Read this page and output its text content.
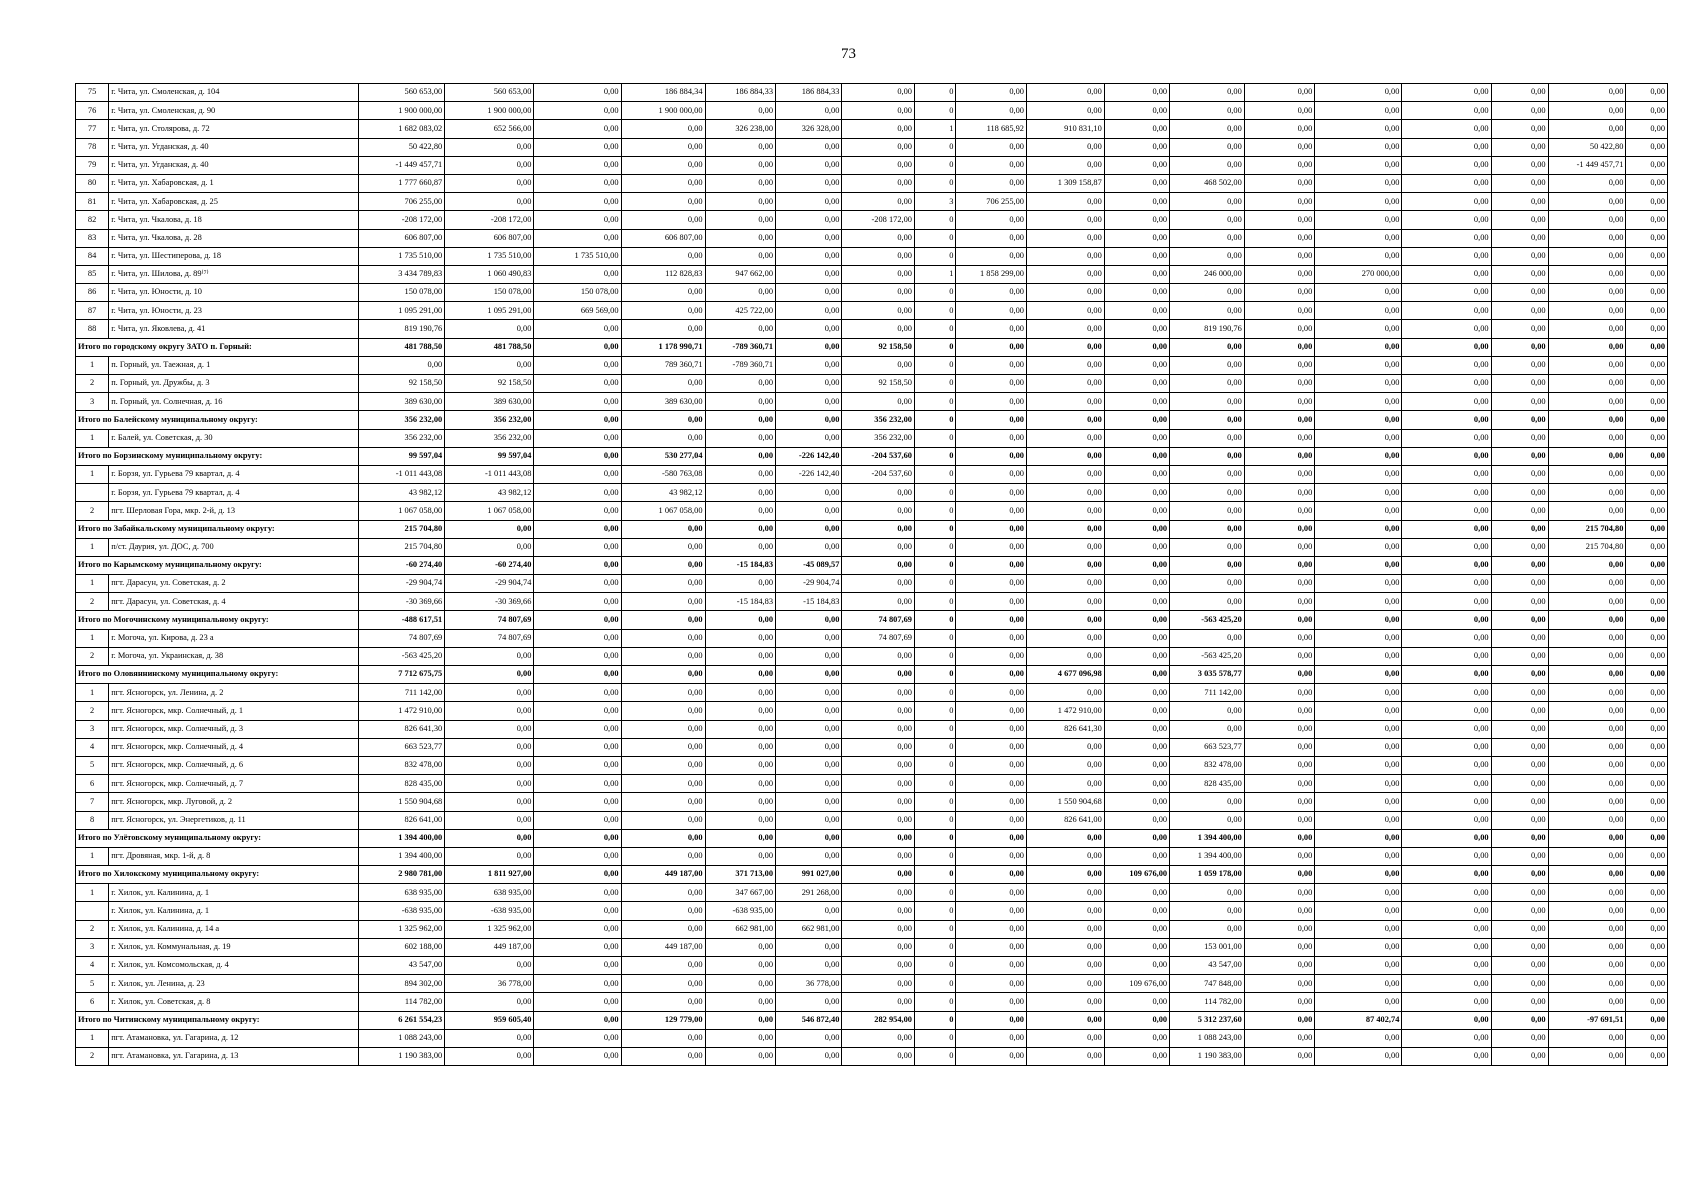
73
75	г. Чита, ул. Смоленская, д. 104	560 653,00	560 653,00	0,00	186 884,34	186 884,33	186 884,33	0,00	0	0,00	0,00	0,00	0,00	0,00	0,00	0,00	0,00	0,00	0,00
76	г. Чита, ул. Смоленская, д. 90	1 900 000,00	1 900 000,00	0,00	1 900 000,00	0,00	0,00	0,00	0	0,00	0,00	0,00	0,00	0,00	0,00	0,00	0,00	0,00	0,00
77	г. Чита, ул. Столярова, д. 72	1 682 083,02	652 566,00	0,00	0,00	326 238,00	326 328,00	0,00	1	118 685,92	910 831,10	0,00	0,00	0,00	0,00	0,00	0,00	0,00	0,00
78	г. Чита, ул. Угданская, д. 40	50 422,80	0,00	0,00	0,00	0,00	0,00	0,00	0	0,00	0,00	0,00	0,00	0,00	0,00	0,00	0,00	50 422,80	0,00
79	г. Чита, ул. Угданская, д. 40	-1 449 457,71	0,00	0,00	0,00	0,00	0,00	0,00	0	0,00	0,00	0,00	0,00	0,00	0,00	0,00	0,00	-1 449 457,71	0,00
80	г. Чита, ул. Хабаровская, д. 1	1 777 660,87	0,00	0,00	0,00	0,00	0,00	0,00	0	0,00	1 309 158,87	0,00	468 502,00	0,00	0,00	0,00	0,00	0,00	0,00
81	г. Чита, ул. Хабаровская, д. 25	706 255,00	0,00	0,00	0,00	0,00	0,00	0,00	3	706 255,00	0,00	0,00	0,00	0,00	0,00	0,00	0,00	0,00	0,00
82	г. Чита, ул. Чкалова, д. 18	-208 172,00	-208 172,00	0,00	0,00	0,00	0,00	-208 172,00	0	0,00	0,00	0,00	0,00	0,00	0,00	0,00	0,00	0,00	0,00
83	г. Чита, ул. Чкалова, д. 28	606 807,00	606 807,00	0,00	606 807,00	0,00	0,00	0,00	0	0,00	0,00	0,00	0,00	0,00	0,00	0,00	0,00	0,00	0,00
84	г. Чита, ул. Шестиперова, д. 18	1 735 510,00	1 735 510,00	1 735 510,00	0,00	0,00	0,00	0,00	0	0,00	0,00	0,00	0,00	0,00	0,00	0,00	0,00	0,00	0,00
85	г. Чита, ул. Шилова, д. 89⁽⁷⁾	3 434 789,83	1 060 490,83	0,00	112 828,83	947 662,00	0,00	0,00	1	1 858 299,00	0,00	0,00	246 000,00	0,00	270 000,00	0,00	0,00	0,00	0,00
86	г. Чита, ул. Юности, д. 10	150 078,00	150 078,00	150 078,00	0,00	0,00	0,00	0,00	0	0,00	0,00	0,00	0,00	0,00	0,00	0,00	0,00	0,00	0,00
87	г. Чита, ул. Юности, д. 23	1 095 291,00	1 095 291,00	669 569,00	0,00	425 722,00	0,00	0,00	0	0,00	0,00	0,00	0,00	0,00	0,00	0,00	0,00	0,00	0,00
88	г. Чита, ул. Яковлева, д. 41	819 190,76	0,00	0,00	0,00	0,00	0,00	0,00	0	0,00	0,00	0,00	819 190,76	0,00	0,00	0,00	0,00	0,00	0,00
Итого по городскому округу ЗАТО п. Горный:		481 788,50	481 788,50	0,00	1 178 990,71	-789 360,71	0,00	92 158,50	0	0,00	0,00	0,00	0,00	0,00	0,00	0,00	0,00	0,00	0,00
1	п. Горный, ул. Таежная, д. 1	0,00	0,00	0,00	789 360,71	-789 360,71	0,00	0,00	0	0,00	0,00	0,00	0,00	0,00	0,00	0,00	0,00	0,00	0,00
2	п. Горный, ул. Дружбы, д. 3	92 158,50	92 158,50	0,00	0,00	0,00	0,00	92 158,50	0	0,00	0,00	0,00	0,00	0,00	0,00	0,00	0,00	0,00	0,00
3	п. Горный, ул. Солнечная, д. 16	389 630,00	389 630,00	0,00	389 630,00	0,00	0,00	0,00	0	0,00	0,00	0,00	0,00	0,00	0,00	0,00	0,00	0,00	0,00
Итого по Балейскому муниципальному округу:		356 232,00	356 232,00	0,00	0,00	0,00	0,00	356 232,00	0	0,00	0,00	0,00	0,00	0,00	0,00	0,00	0,00	0,00	0,00
1	г. Балей, ул. Советская, д. 30	356 232,00	356 232,00	0,00	0,00	0,00	0,00	356 232,00	0	0,00	0,00	0,00	0,00	0,00	0,00	0,00	0,00	0,00	0,00
Итого по Борзинскому муниципальному округу:		99 597,04	99 597,04	0,00	530 277,04	0,00	-226 142,40	-204 537,60	0	0,00	0,00	0,00	0,00	0,00	0,00	0,00	0,00	0,00	0,00
1	г. Борзя, ул. Гурьева 79 квартал, д. 4	-1 011 443,08	-1 011 443,08	0,00	-580 763,08	0,00	-226 142,40	-204 537,60	0	0,00	0,00	0,00	0,00	0,00	0,00	0,00	0,00	0,00	0,00
	г. Борзя, ул. Гурьева 79 квартал, д. 4	43 982,12	43 982,12	0,00	43 982,12	0,00	0,00	0,00	0	0,00	0,00	0,00	0,00	0,00	0,00	0,00	0,00	0,00	0,00
2	пгт. Шерловая Гора, мкр. 2-й, д. 13	1 067 058,00	1 067 058,00	0,00	1 067 058,00	0,00	0,00	0,00	0	0,00	0,00	0,00	0,00	0,00	0,00	0,00	0,00	0,00	0,00
Итого по Забайкальскому муниципальному округу:		215 704,80	0,00	0,00	0,00	0,00	0,00	0,00	0	0,00	0,00	0,00	0,00	0,00	0,00	0,00	0,00	215 704,80	0,00
1	п/ст. Даурия, ул. ДОС, д. 700	215 704,80	0,00	0,00	0,00	0,00	0,00	0,00	0	0,00	0,00	0,00	0,00	0,00	0,00	0,00	0,00	215 704,80	0,00
Итого по Карымскому муниципальному округу:		-60 274,40	-60 274,40	0,00	0,00	-15 184,83	-45 089,57	0,00	0	0,00	0,00	0,00	0,00	0,00	0,00	0,00	0,00	0,00	0,00
1	пгт. Дарасун, ул. Советская, д. 2	-29 904,74	-29 904,74	0,00	0,00	0,00	-29 904,74	0,00	0	0,00	0,00	0,00	0,00	0,00	0,00	0,00	0,00	0,00	0,00
2	пгт. Дарасун, ул. Советская, д. 4	-30 369,66	-30 369,66	0,00	0,00	-15 184,83	-15 184,83	0,00	0	0,00	0,00	0,00	0,00	0,00	0,00	0,00	0,00	0,00	0,00
Итого по Могочинскому муниципальному округу:		-488 617,51	74 807,69	0,00	0,00	0,00	0,00	74 807,69	0	0,00	0,00	0,00	-563 425,20	0,00	0,00	0,00	0,00	0,00	0,00
1	г. Могоча, ул. Кирова, д. 23 а	74 807,69	74 807,69	0,00	0,00	0,00	0,00	74 807,69	0	0,00	0,00	0,00	0,00	0,00	0,00	0,00	0,00	0,00	0,00
2	г. Могоча, ул. Украинская, д. 38	-563 425,20	0,00	0,00	0,00	0,00	0,00	0,00	0	0,00	0,00	0,00	-563 425,20	0,00	0,00	0,00	0,00	0,00	0,00
Итого по Оловяннинскому муниципальному округу:		7 712 675,75	0,00	0,00	0,00	0,00	0,00	0,00	0	0,00	4 677 096,98	0,00	3 035 578,77	0,00	0,00	0,00	0,00	0,00	0,00
1	пгт. Ясногорск, ул. Ленина, д. 2	711 142,00	0,00	0,00	0,00	0,00	0,00	0,00	0	0,00	0,00	0,00	711 142,00	0,00	0,00	0,00	0,00	0,00	0,00
2	пгт. Ясногорск, мкр. Солнечный, д. 1	1 472 910,00	0,00	0,00	0,00	0,00	0,00	0,00	0	0,00	1 472 910,00	0,00	0,00	0,00	0,00	0,00	0,00	0,00	0,00
3	пгт. Ясногорск, мкр. Солнечный, д. 3	826 641,30	0,00	0,00	0,00	0,00	0,00	0,00	0	0,00	826 641,30	0,00	0,00	0,00	0,00	0,00	0,00	0,00	0,00
4	пгт. Ясногорск, мкр. Солнечный, д. 4	663 523,77	0,00	0,00	0,00	0,00	0,00	0,00	0	0,00	0,00	0,00	663 523,77	0,00	0,00	0,00	0,00	0,00	0,00
5	пгт. Ясногорск, мкр. Солнечный, д. 6	832 478,00	0,00	0,00	0,00	0,00	0,00	0,00	0	0,00	0,00	0,00	832 478,00	0,00	0,00	0,00	0,00	0,00	0,00
6	пгт. Ясногорск, мкр. Солнечный, д. 7	828 435,00	0,00	0,00	0,00	0,00	0,00	0,00	0	0,00	0,00	0,00	828 435,00	0,00	0,00	0,00	0,00	0,00	0,00
7	пгт. Ясногорск, мкр. Луговой, д. 2	1 550 904,68	0,00	0,00	0,00	0,00	0,00	0,00	0	0,00	1 550 904,68	0,00	0,00	0,00	0,00	0,00	0,00	0,00	0,00
8	пгт. Ясногорск, ул. Энергетиков, д. 11	826 641,00	0,00	0,00	0,00	0,00	0,00	0,00	0	0,00	826 641,00	0,00	0,00	0,00	0,00	0,00	0,00	0,00	0,00
Итого по Улётовскому муниципальному округу:		1 394 400,00	0,00	0,00	0,00	0,00	0,00	0,00	0	0,00	0,00	0,00	1 394 400,00	0,00	0,00	0,00	0,00	0,00	0,00
1	пгт. Дровяная, мкр. 1-й, д. 8	1 394 400,00	0,00	0,00	0,00	0,00	0,00	0,00	0	0,00	0,00	0,00	1 394 400,00	0,00	0,00	0,00	0,00	0,00	0,00
Итого по Хилокскому муниципальному округу:		2 980 781,00	1 811 927,00	0,00	449 187,00	371 713,00	991 027,00	0,00	0	0,00	0,00	109 676,00	1 059 178,00	0,00	0,00	0,00	0,00	0,00	0,00
1	г. Хилок, ул. Калинина, д. 1	638 935,00	638 935,00	0,00	0,00	347 667,00	291 268,00	0,00	0	0,00	0,00	0,00	0,00	0,00	0,00	0,00	0,00	0,00	0,00
	г. Хилок, ул. Калинина, д. 1	-638 935,00	-638 935,00	0,00	0,00	-638 935,00	0,00	0,00	0	0,00	0,00	0,00	0,00	0,00	0,00	0,00	0,00	0,00	0,00
2	г. Хилок, ул. Калинина, д. 14 а	1 325 962,00	1 325 962,00	0,00	0,00	662 981,00	662 981,00	0,00	0	0,00	0,00	0,00	0,00	0,00	0,00	0,00	0,00	0,00	0,00
3	г. Хилок, ул. Коммунальная, д. 19	602 188,00	449 187,00	0,00	449 187,00	0,00	0,00	0,00	0	0,00	0,00	0,00	153 001,00	0,00	0,00	0,00	0,00	0,00	0,00
4	г. Хилок, ул. Комсомольская, д. 4	43 547,00	0,00	0,00	0,00	0,00	0,00	0,00	0	0,00	0,00	0,00	43 547,00	0,00	0,00	0,00	0,00	0,00	0,00
5	г. Хилок, ул. Ленина, д. 23	894 302,00	36 778,00	0,00	0,00	0,00	36 778,00	0,00	0	0,00	0,00	109 676,00	747 848,00	0,00	0,00	0,00	0,00	0,00	0,00
6	г. Хилок, ул. Советская, д. 8	114 782,00	0,00	0,00	0,00	0,00	0,00	0,00	0	0,00	0,00	0,00	114 782,00	0,00	0,00	0,00	0,00	0,00	0,00
Итого по Читинскому муниципальному округу:		6 261 554,23	959 605,40	0,00	129 779,00	0,00	546 872,40	282 954,00	0	0,00	0,00	0,00	5 312 237,60	0,00	87 402,74	0,00	0,00	-97 691,51	0,00
1	пгт. Атамановка, ул. Гагарина, д. 12	1 088 243,00	0,00	0,00	0,00	0,00	0,00	0,00	0	0,00	0,00	0,00	1 088 243,00	0,00	0,00	0,00	0,00	0,00	0,00
2	пгт. Атамановка, ул. Гагарина, д. 13	1 190 383,00	0,00	0,00	0,00	0,00	0,00	0,00	0	0,00	0,00	0,00	1 190 383,00	0,00	0,00	0,00	0,00	0,00	0,00
